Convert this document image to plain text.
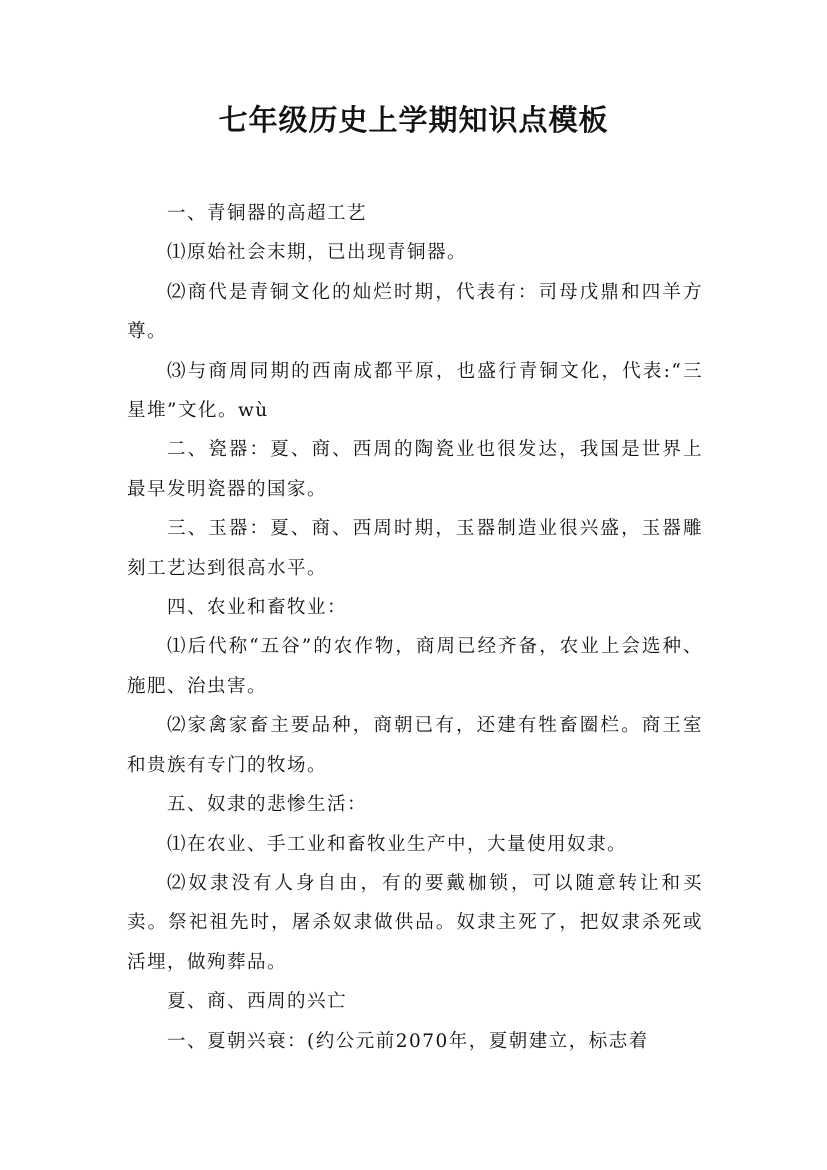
七年级历史上学期知识点模板

一、青铜器的高超工艺

⑴原始社会末期，已出现青铜器。

⑵商代是青铜文化的灿烂时期，代表有：司母戊鼎和四羊方尊。

⑶与商周同期的西南成都平原，也盛行青铜文化，代表:“三星堆”文化。wù

二、瓷器：夏、商、西周的陶瓷业也很发达，我国是世界上最早发明瓷器的国家。

三、玉器：夏、商、西周时期，玉器制造业很兴盛，玉器雕刻工艺达到很高水平。

四、农业和畜牧业：

⑴后代称“五谷”的农作物，商周已经齐备，农业上会选种、施肥、治虫害。

⑵家禽家畜主要品种，商朝已有，还建有牲畜圈栏。商王室和贵族有专门的牧场。

五、奴隶的悲惨生活：

⑴在农业、手工业和畜牧业生产中，大量使用奴隶。

⑵奴隶没有人身自由，有的要戴枷锁，可以随意转让和买卖。祭祀祖先时，屠杀奴隶做供品。奴隶主死了，把奴隶杀死或活埋，做殉葬品。

夏、商、西周的兴亡

一、夏朝兴衰：(约公元前2070年，夏朝建立，标志着
